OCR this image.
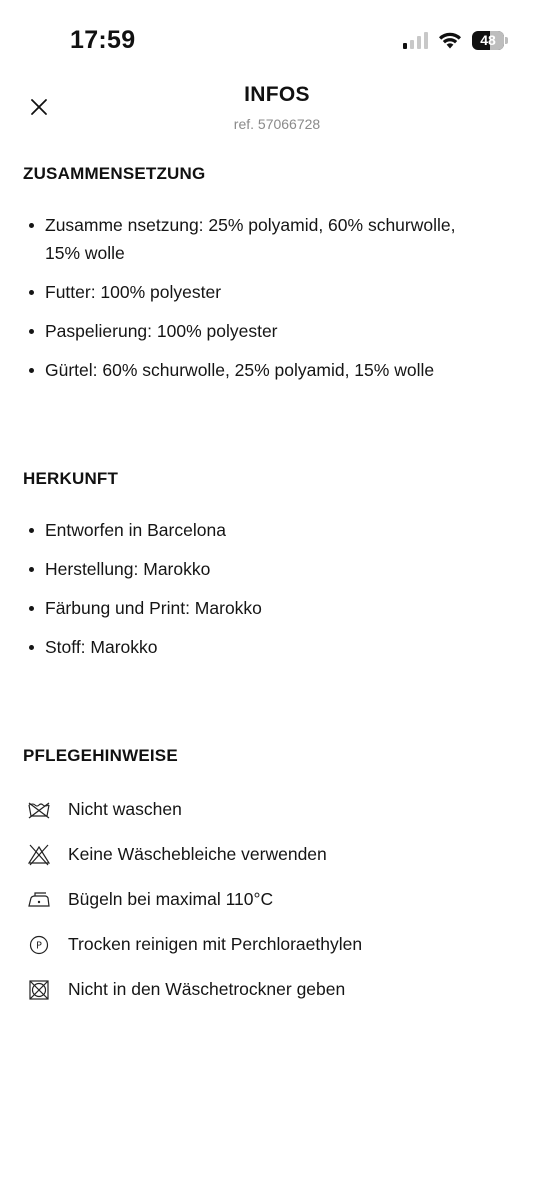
17:59	48
INFOS
ref. 57066728
ZUSAMMENSETZUNG
Zusamme nsetzung: 25% polyamid, 60% schurwolle, 15% wolle
Futter: 100% polyester
Paspelierung: 100% polyester
Gürtel: 60% schurwolle, 25% polyamid, 15% wolle
HERKUNFT
Entworfen in Barcelona
Herstellung: Marokko
Färbung und Print: Marokko
Stoff: Marokko
PFLEGEHINWEISE
Nicht waschen
Keine Wäschebleiche verwenden
Bügeln bei maximal 110°C
P Trocken reinigen mit Perchloraethylen
Nicht in den Wäschetrockner geben
